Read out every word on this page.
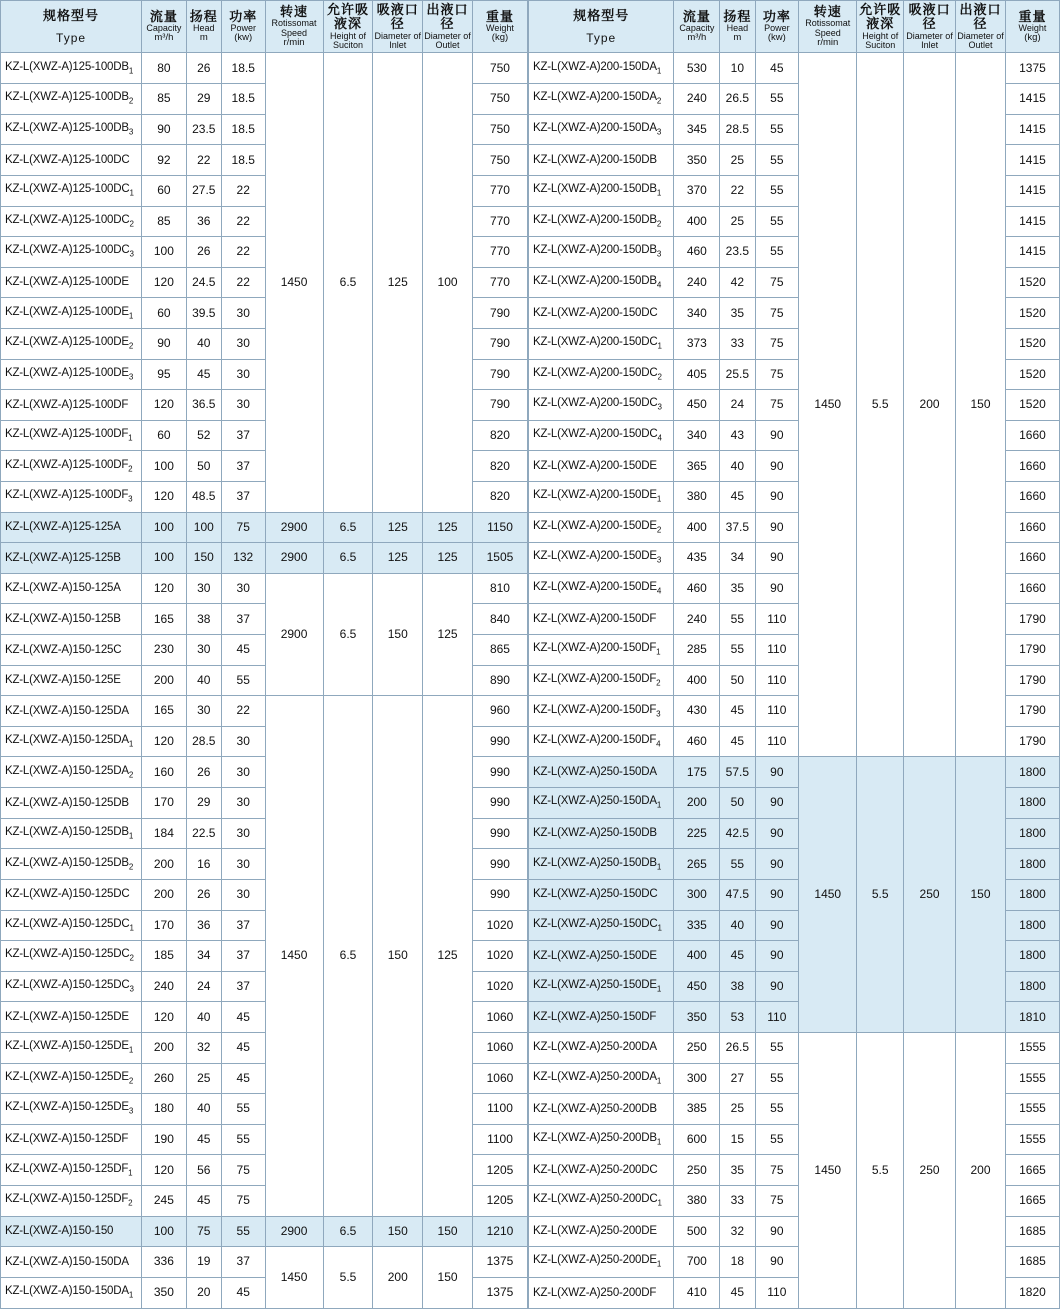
规格型号
Type	流量
Capacity
m³/h	扬程
Head
m	功率
Power
(kw)	转速
Rotissomat Speed
r/min	允许吸液深
Height of Suciton	吸液口径
Diameter of Inlet	出液口径
Diameter of Outlet	重量
Weight
(kg)

$KZ-L(XWZ-A)125-100DB_1$	80	26	18.5	1450	6.5	125	100	750
$KZ-L(XWZ-A)125-100DB_2$	85	29	18.5					750
$KZ-L(XWZ-A)125-100DB_3$	90	23.5	18.5					750
KZ-L(XWZ-A)125-100DC	92	22	18.5					750
$KZ-L(XWZ-A)125-100DC_1$	60	27.5	22					770
$KZ-L(XWZ-A)125-100DC_2$	85	36	22					770
$KZ-L(XWZ-A)125-100DC_3$	100	26	22					770
KZ-L(XWZ-A)125-100DE	120	24.5	22					770
$KZ-L(XWZ-A)125-100DE_1$	60	39.5	30					790
$KZ-L(XWZ-A)125-100DE_2$	90	40	30					790
$KZ-L(XWZ-A)125-100DE_3$	95	45	30					790
KZ-L(XWZ-A)125-100DF	120	36.5	30					790
$KZ-L(XWZ-A)125-100DF_1$	60	52	37					820
$KZ-L(XWZ-A)125-100DF_2$	100	50	37					820
$KZ-L(XWZ-A)125-100DF_3$	120	48.5	37					820
KZ-L(XWZ-A)125-125A	100	100	75	2900	6.5	125	125	1150
KZ-L(XWZ-A)125-125B	100	150	132	2900	6.5	125	125	1505
KZ-L(XWZ-A)150-125A	120	30	30	2900	6.5	150	125	810
KZ-L(XWZ-A)150-125B	165	38	37					840
KZ-L(XWZ-A)150-125C	230	30	45					865
KZ-L(XWZ-A)150-125E	200	40	55					890
KZ-L(XWZ-A)150-125DA	165	30	22	1450	6.5	150	125	960
$KZ-L(XWZ-A)150-125DA_1$	120	28.5	30					990
$KZ-L(XWZ-A)150-125DA_2$	160	26	30					990
KZ-L(XWZ-A)150-125DB	170	29	30					990
$KZ-L(XWZ-A)150-125DB_1$	184	22.5	30					990
$KZ-L(XWZ-A)150-125DB_2$	200	16	30					990
KZ-L(XWZ-A)150-125DC	200	26	30					990
$KZ-L(XWZ-A)150-125DC_1$	170	36	37					1020
$KZ-L(XWZ-A)150-125DC_2$	185	34	37					1020
$KZ-L(XWZ-A)150-125DC_3$	240	24	37					1020
KZ-L(XWZ-A)150-125DE	120	40	45					1060
$KZ-L(XWZ-A)150-125DE_1$	200	32	45					1060
$KZ-L(XWZ-A)150-125DE_2$	260	25	45					1060
$KZ-L(XWZ-A)150-125DE_3$	180	40	55					1100
KZ-L(XWZ-A)150-125DF	190	45	55					1100
$KZ-L(XWZ-A)150-125DF_1$	120	56	75					1205
$KZ-L(XWZ-A)150-125DF_2$	245	45	75					1205
KZ-L(XWZ-A)150-150	100	75	55	2900	6.5	150	150	1210
KZ-L(XWZ-A)150-150DA	336	19	37	1450	5.5	200	150	1375
$KZ-L(XWZ-A)150-150DA_1$	350	20	45					1375
规格型号
Type	流量
Capacity
m³/h	扬程
Head
m	功率
Power
(kw)	转速
Rotissomat Speed
r/min	允许吸液深
Height of Suciton	吸液口径
Diameter of Inlet	出液口径
Diameter of Outlet	重量
Weight
(kg)

$KZ-L(XWZ-A)200-150DA_1$	530	10	45	1450	5.5	200	150	1375
$KZ-L(XWZ-A)200-150DA_2$	240	26.5	55					1415
$KZ-L(XWZ-A)200-150DA_3$	345	28.5	55					1415
KZ-L(XWZ-A)200-150DB	350	25	55					1415
$KZ-L(XWZ-A)200-150DB_1$	370	22	55					1415
$KZ-L(XWZ-A)200-150DB_2$	400	25	55					1415
$KZ-L(XWZ-A)200-150DB_3$	460	23.5	55					1415
$KZ-L(XWZ-A)200-150DB_4$	240	42	75					1520
KZ-L(XWZ-A)200-150DC	340	35	75					1520
$KZ-L(XWZ-A)200-150DC_1$	373	33	75					1520
$KZ-L(XWZ-A)200-150DC_2$	405	25.5	75					1520
$KZ-L(XWZ-A)200-150DC_3$	450	24	75					1520
$KZ-L(XWZ-A)200-150DC_4$	340	43	90					1660
KZ-L(XWZ-A)200-150DE	365	40	90					1660
$KZ-L(XWZ-A)200-150DE_1$	380	45	90					1660
$KZ-L(XWZ-A)200-150DE_2$	400	37.5	90					1660
$KZ-L(XWZ-A)200-150DE_3$	435	34	90					1660
$KZ-L(XWZ-A)200-150DE_4$	460	35	90					1660
KZ-L(XWZ-A)200-150DF	240	55	110					1790
$KZ-L(XWZ-A)200-150DF_1$	285	55	110					1790
$KZ-L(XWZ-A)200-150DF_2$	400	50	110					1790
$KZ-L(XWZ-A)200-150DF_3$	430	45	110					1790
$KZ-L(XWZ-A)200-150DF_4$	460	45	110					1790
KZ-L(XWZ-A)250-150DA	175	57.5	90	1450	5.5	250	150	1800
$KZ-L(XWZ-A)250-150DA_1$	200	50	90					1800
KZ-L(XWZ-A)250-150DB	225	42.5	90					1800
$KZ-L(XWZ-A)250-150DB_1$	265	55	90					1800
KZ-L(XWZ-A)250-150DC	300	47.5	90					1800
$KZ-L(XWZ-A)250-150DC_1$	335	40	90					1800
KZ-L(XWZ-A)250-150DE	400	45	90					1800
$KZ-L(XWZ-A)250-150DE_1$	450	38	90					1800
KZ-L(XWZ-A)250-150DF	350	53	110					1810
KZ-L(XWZ-A)250-200DA	250	26.5	55	1450	5.5	250	200	1555
$KZ-L(XWZ-A)250-200DA_1$	300	27	55					1555
KZ-L(XWZ-A)250-200DB	385	25	55					1555
$KZ-L(XWZ-A)250-200DB_1$	600	15	55					1555
KZ-L(XWZ-A)250-200DC	250	35	75					1665
$KZ-L(XWZ-A)250-200DC_1$	380	33	75					1665
KZ-L(XWZ-A)250-200DE	500	32	90					1685
$KZ-L(XWZ-A)250-200DE_1$	700	18	90					1685
KZ-L(XWZ-A)250-200DF	410	45	110					1820
